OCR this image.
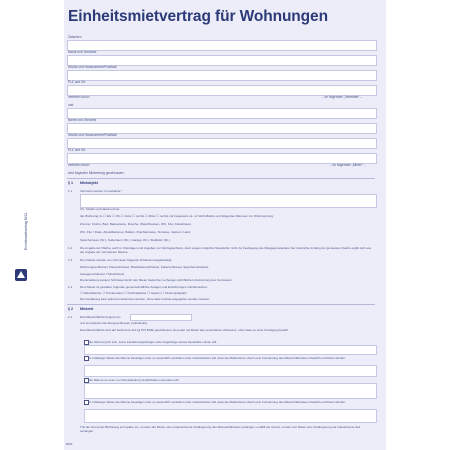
Einheitsmietvertrag 8021
Einheitsmietvertrag für Wohnungen
Zwischen
Name und Vorname
Straße und Hausnummer/Postfach
PLZ und Ort
vertreten durch	– im folgenden „Vermieter“ –
und
Name und Vorname
Straße und Hausnummer/Postfach
PLZ und Ort
vertreten durch	– im folgenden „Mieter“ –
wird folgender Mietvertrag geschlossen:
§ 1 Mietobjekt
1.1	Vermietet werden im Gebäude *
Ort, Straße und Hausnummer
die Wohnung im ☐ EG ☐ OG ☐ links ☐ rechts ☐ Mitte ☐ rechts mit insgesamt ca. m² Wohnfläche und folgenden Räumen zur Wohnnutzung:
Zimmer, Küche, Bad, Badewanne, Dusche, Waschbecken, WC, Flur, Abstellraum,
WC, Flur / Diele, Abstellkammer, Balkon / Dachterrasse, Terrasse, Garten / Land,
Speicherraum (Nr.), Kellerraum (Nr.), Garage (Nr.), Stellplatz (Nr.),
1.2	Die Angabe der Fläche, auch in Unterlagen und Angaben vor Vertragsschluss, dient wegen möglicher Messfehler nicht zur Festlegung des Mietgegenstandes. Der räumliche Umfang der gemieteten Sache ergibt sich aus der Angabe der vermieteten Räume.
1.3	Dem Mieter werden vom Vermieter folgende Schlüssel ausgehändigt:
Wohnungsschlüssel, Hausschlüssel, Briefkastenschlüssel, Kellerschlüssel, Speicherschlüssel,
Garagenschlüssel, Hofschlüssel,
Die Erstellung weiterer Schlüssel durch den Mieter bedarf der vorherigen schriftlichen Zustimmung des Vermieters.
1.4	Dem Mieter ist gestattet, folgende gemeinschaftliche Anlagen und Einrichtungen mitzubenutzen:
☐ Waschküche ☐ Trockenraum ☐ Fahrradkeller ☐ Garten ☐ Kinderspielplatz
Die Gestattung kann jederzeit widerrufen werden, ohne dass Gründe angegeben werden müssen.
§ 2 Mietzeit
2.1	Das Mietverhältnis beginnt am
und ist unbestimmte Zeit geschlossen (unbefristet).
Das Mietverhältnis wird auf bestimmte Zeit (§ 575 BGB) geschlossen. Es endet mit Ablauf des vereinbarten Zeitraums, ohne dass es einer Kündigung bedarf.
die Wohnung für sich, seine Familienangehörigen oder Angehörige seines Haushalts nutzen will,
in zulässiger Weise die Räume beseitigen oder so wesentlich verändern oder instandsetzen will, dass die Maßnahmen durch eine Fortsetzung des Mietverhältnisses erheblich erschwert würden:
die Räume an einen zur Dienstleistung Verpflichteten vermieten will.
in zulässiger Weise die Räume beseitigen oder so wesentlich verändern oder instandsetzen will, dass die Maßnahmen durch eine Fortsetzung des Mietverhältnisses erheblich erschwert würden:
Tritt der Grund der Befristung erst später ein, so kann der Mieter eine entsprechende Verlängerung des Mietverhältnisses verlangen; entfällt der Grund, so kann der Mieter eine Verlängerung auf unbestimmte Zeit verlangen.
8021
